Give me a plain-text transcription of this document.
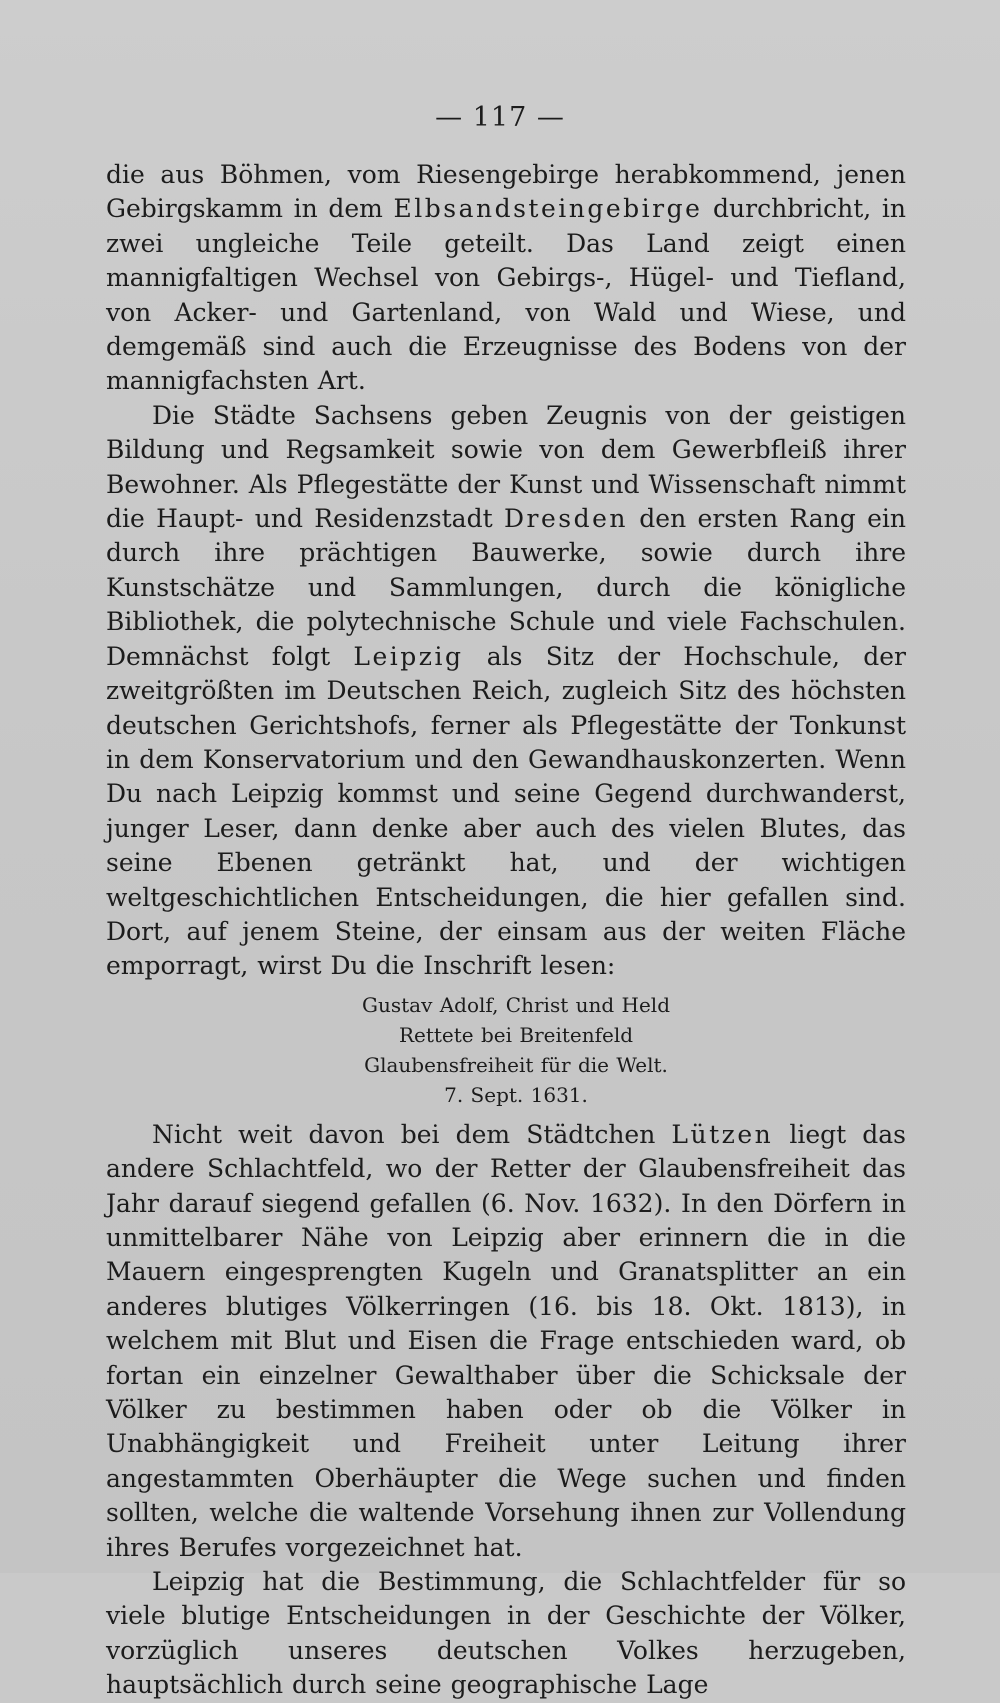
— 117 —

die aus Böhmen, vom Riesengebirge herabkommend, jenen Gebirgskamm in dem Elbsandsteingebirge durchbricht, in zwei ungleiche Teile geteilt. Das Land zeigt einen mannigfaltigen Wechsel von Gebirgs-, Hügel- und Tiefland, von Acker- und Gartenland, von Wald und Wiese, und demgemäß sind auch die Erzeugnisse des Bodens von der mannigfachsten Art.

Die Städte Sachsens geben Zeugnis von der geistigen Bildung und Regsamkeit sowie von dem Gewerbfleiß ihrer Bewohner. Als Pflegestätte der Kunst und Wissenschaft nimmt die Haupt- und Residenzstadt Dresden den ersten Rang ein durch ihre prächtigen Bauwerke, sowie durch ihre Kunstschätze und Sammlungen, durch die königliche Bibliothek, die polytechnische Schule und viele Fachschulen. Demnächst folgt Leipzig als Sitz der Hochschule, der zweitgrößten im Deutschen Reich, zugleich Sitz des höchsten deutschen Gerichtshofs, ferner als Pflegestätte der Tonkunst in dem Konservatorium und den Gewandhauskonzerten. Wenn Du nach Leipzig kommst und seine Gegend durchwanderst, junger Leser, dann denke aber auch des vielen Blutes, das seine Ebenen getränkt hat, und der wichtigen weltgeschichtlichen Entscheidungen, die hier gefallen sind. Dort, auf jenem Steine, der einsam aus der weiten Fläche emporragt, wirst Du die Inschrift lesen:

Gustav Adolf, Christ und Held
Rettete bei Breitenfeld
Glaubensfreiheit für die Welt.
7. Sept. 1631.

Nicht weit davon bei dem Städtchen Lützen liegt das andere Schlachtfeld, wo der Retter der Glaubensfreiheit das Jahr darauf siegend gefallen (6. Nov. 1632). In den Dörfern in unmittelbarer Nähe von Leipzig aber erinnern die in die Mauern eingesprengten Kugeln und Granatsplitter an ein anderes blutiges Völkerringen (16. bis 18. Okt. 1813), in welchem mit Blut und Eisen die Frage entschieden ward, ob fortan ein einzelner Gewalthaber über die Schicksale der Völker zu bestimmen haben oder ob die Völker in Unabhängigkeit und Freiheit unter Leitung ihrer angestammten Oberhäupter die Wege suchen und finden sollten, welche die waltende Vorsehung ihnen zur Vollendung ihres Berufes vorgezeichnet hat.

Leipzig hat die Bestimmung, die Schlachtfelder für so viele blutige Entscheidungen in der Geschichte der Völker, vorzüglich unseres deutschen Volkes herzugeben, hauptsächlich durch seine geographische Lage
